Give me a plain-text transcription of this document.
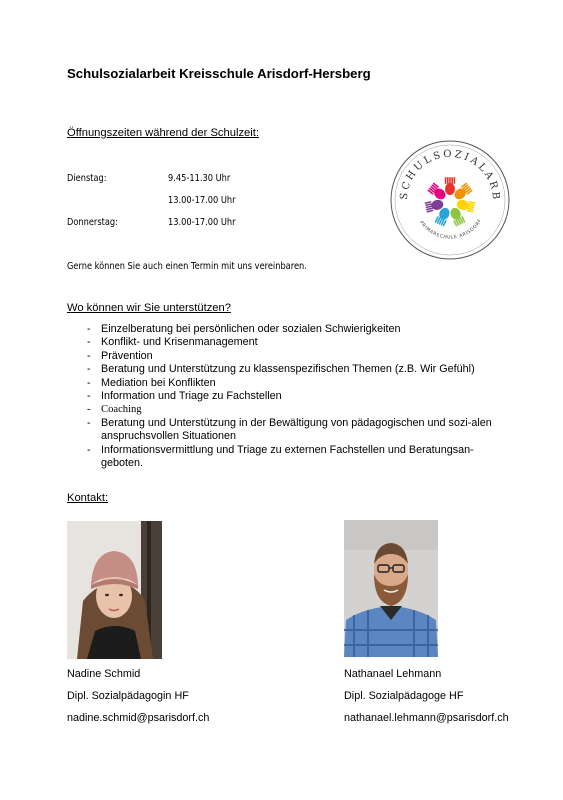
Schulsozialarbeit Kreisschule Arisdorf-Hersberg
Öffnungszeiten während der Schulzeit:
Dienstag:	9.45-11.30 Uhr
13.00-17.00 Uhr
Donnerstag:	13.00-17.00 Uhr
Gerne können Sie auch einen Termin mit uns vereinbaren.
SCHULSOZIALARB
PRIMARSCHULE ARISDORF
Wo können wir Sie unterstützen?
- Einzelberatung bei persönlichen oder sozialen Schwierigkeiten
- Konflikt- und Krisenmanagement
- Prävention
- Beratung und Unterstützung zu klassenspezifischen Themen (z.B. Wir Gefühl)
- Mediation bei Konflikten
- Information und Triage zu Fachstellen
- Coaching
- Beratung und Unterstützung in der Bewältigung von pädagogischen und sozi-alen anspruchsvollen Situationen
- Informationsvermittlung und Triage zu externen Fachstellen und Beratungsan-geboten.
Kontakt:
Nadine Schmid
Dipl. Sozialpädagogin HF
nadine.schmid@psarisdorf.ch
Nathanael Lehmann
Dipl. Sozialpädagoge HF
nathanael.lehmann@psarisdorf.ch
